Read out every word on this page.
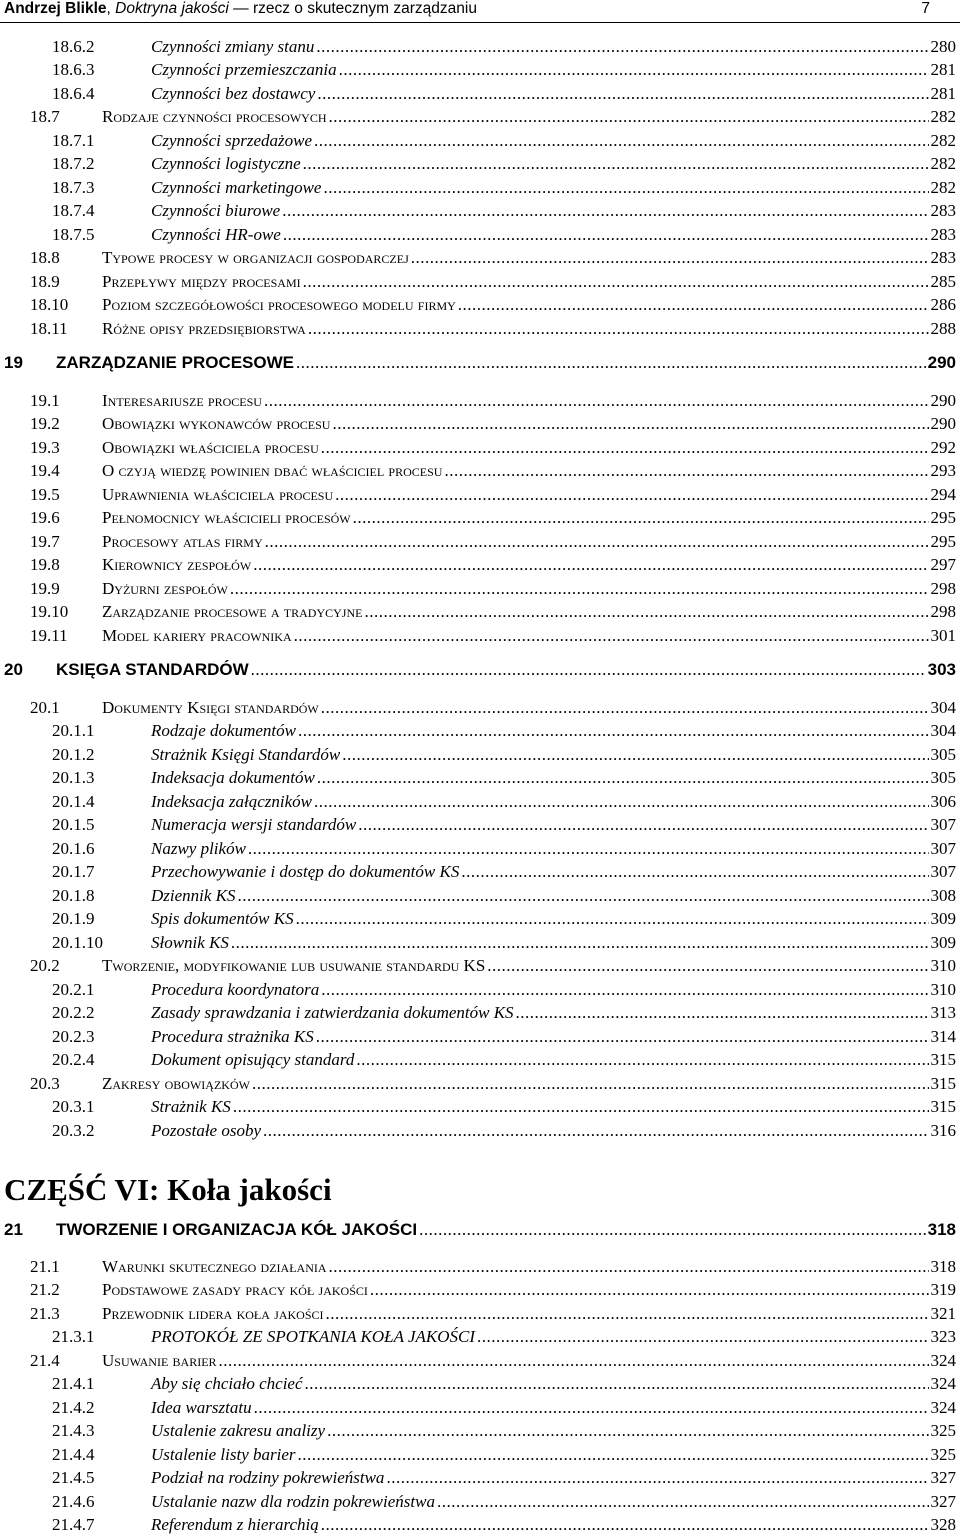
Andrzej Blikle, Doktryna jakości — rzecz o skutecznym zarządzaniu	7
CZĘŚĆ VI: Koła jakości
18.6.2	Czynności zmiany stanu .....	280
18.6.3	Czynności przemieszczania .....	281
18.6.4	Czynności bez dostawcy .....	281
18.7 Rodzaje czynności procesowych .....	282
18.7.1	Czynności sprzedażowe .....	282
18.7.2	Czynności logistyczne .....	282
18.7.3	Czynności marketingowe .....	282
18.7.4	Czynności biurowe .....	283
18.7.5	Czynności HR-owe .....	283
18.8 Typowe procesy w organizacji gospodarczej .....	283
18.9 Przepływy między procesami .....	285
18.10 Poziom szczegółowości procesowego modelu firmy .....	286
18.11 Różne opisy przedsiębiorstwa .....	288
19 ZARZĄDZANIE PROCESOWE .....	290
19.1 Interesariusze procesu .....	290
19.2 Obowiązki wykonawców procesu .....	290
19.3 Obowiązki właściciela procesu .....	292
19.4 O czyją wiedzę powinien dbać właściciel procesu .....	293
19.5 Uprawnienia właściciela procesu .....	294
19.6 Pełnomocnicy właścicieli procesów .....	295
19.7 Procesowy atlas firmy .....	295
19.8 Kierownicy zespołów .....	297
19.9 Dyżurni zespołów .....	298
19.10 Zarządzanie procesowe a tradycyjne .....	298
19.11 Model kariery pracownika .....	301
20 KSIĘGA STANDARDÓW .....	303
20.1 Dokumenty Księgi standardów .....	304
20.1.1	Rodzaje dokumentów .....	304
20.1.2	Strażnik Księgi Standardów .....	305
20.1.3	Indeksacja dokumentów .....	305
20.1.4	Indeksacja załączników .....	306
20.1.5	Numeracja wersji standardów .....	307
20.1.6	Nazwy plików .....	307
20.1.7	Przechowywanie i dostęp do dokumentów KS .....	307
20.1.8	Dziennik KS .....	308
20.1.9	Spis dokumentów KS .....	309
20.1.10	Słownik KS .....	309
20.2 Tworzenie, modyfikowanie lub usuwanie standardu KS .....	310
20.2.1	Procedura koordynatora .....	310
20.2.2	Zasady sprawdzania i zatwierdzania dokumentów KS .....	313
20.2.3	Procedura strażnika KS .....	314
20.2.4	Dokument opisujący standard .....	315
20.3 Zakresy obowiązków .....	315
20.3.1	Strażnik KS .....	315
20.3.2	Pozostałe osoby .....	316
21 TWORZENIE I ORGANIZACJA KÓŁ JAKOŚCI .....	318
21.1 Warunki skutecznego działania .....	318
21.2 Podstawowe zasady pracy kół jakości .....	319
21.3 Przewodnik lidera koła jakości .....	321
21.3.1	PROTOKÓŁ ZE SPOTKANIA KOŁA JAKOŚCI .....	323
21.4 Usuwanie barier .....	324
21.4.1	Aby się chciało chcieć .....	324
21.4.2	Idea warsztatu .....	324
21.4.3	Ustalenie zakresu analizy .....	325
21.4.4	Ustalenie listy barier .....	325
21.4.5	Podział na rodziny pokrewieństwa .....	327
21.4.6	Ustalanie nazw dla rodzin pokrewieństwa .....	327
21.4.7	Referendum z hierarchią .....	328
